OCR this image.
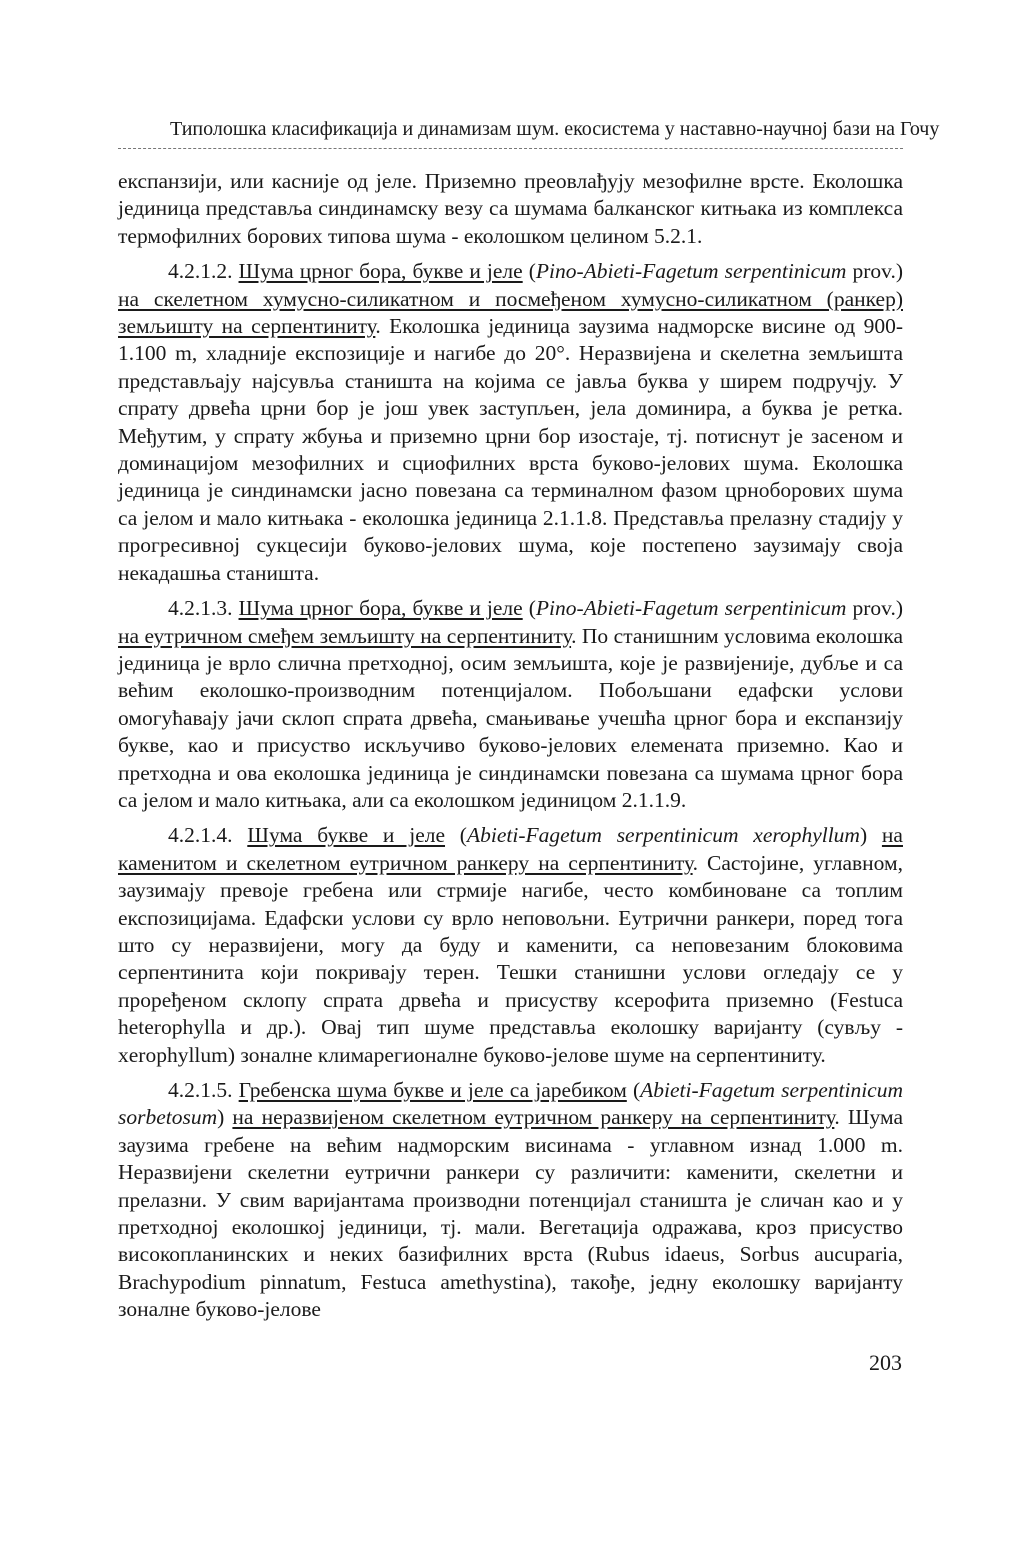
Типолошка класификација и динамизам шум. екосистема у наставно-научној бази на Гочу

експанзији, или касније од јеле. Приземно преовлађују мезофилне врсте. Еколошка јединица представља синдинамску везу са шумама балканског китњака из комплекса термофилних борових типова шума - еколошком целином 5.2.1.

4.2.1.2. Шума црног бора, букве и јеле (Pino-Abieti-Fagetum serpentinicum prov.) на скелетном хумусно-силикатном и посмеђеном хумусно-силикатном (ранкер) земљишту на серпентиниту. Еколошка јединица заузима надморске висине од 900-1.100 m, хладније експозиције и нагибе до 20°. Неразвијена и скелетна земљишта представљају најсувља станишта на којима се јавља буква у ширем подручју. У спрату дрвећа црни бор је још увек заступљен, јела доминира, а буква је ретка. Међутим, у спрату жбуња и приземно црни бор изостаје, тј. потиснут је засеном и доминацијом мезофилних и сциофилних врста буково-јелових шума. Еколошка јединица је синдинамски јасно повезана са терминалном фазом црноборових шума са јелом и мало китњака - еколошка јединица 2.1.1.8. Представља прелазну стадију у прогресивној сукцесији буково-јелових шума, које постепено заузимају своја некадашња станишта.

4.2.1.3. Шума црног бора, букве и јеле (Pino-Abieti-Fagetum serpentinicum prov.) на еутричном смеђем земљишту на серпентиниту. По станишним условима еколошка јединица је врло слична претходној, осим земљишта, које је развијеније, дубље и са већим еколошко-производним потенцијалом. Побољшани едафски услови омогућавају јачи склоп спрата дрвећа, смањивање учешћа црног бора и експанзију букве, као и присуство искључиво буково-јелових елемената приземно. Као и претходна и ова еколошка јединица је синдинамски повезана са шумама црног бора са јелом и мало китњака, али са еколошком јединицом 2.1.1.9.

4.2.1.4. Шума букве и јеле (Abieti-Fagetum serpentinicum xerophyllum) на каменитом и скелетном еутричном ранкеру на серпентиниту. Састојине, углавном, заузимају превоје гребена или стрмије нагибе, често комбиноване са топлим експозицијама. Едафски услови су врло неповољни. Еутрични ранкери, поред тога што су неразвијени, могу да буду и каменити, са неповезаним блоковима серпентинита који покривају терен. Тешки станишни услови огледају се у проређеном склопу спрата дрвећа и присуству ксерофита приземно (Festuca heterophylla и др.). Овај тип шуме представља еколошку варијанту (сувљу - xerophyllum) зоналне климарегионалне буково-јелове шуме на серпентиниту.

4.2.1.5. Гребенска шума букве и јеле са јаребиком (Abieti-Fagetum serpentinicum sorbetosum) на неразвијеном скелетном еутричном ранкеру на серпентиниту. Шума заузима гребене на већим надморским висинама - углавном изнад 1.000 m. Неразвијени скелетни еутрични ранкери су различити: каменити, скелетни и прелазни. У свим варијантама производни потенцијал станишта је сличан као и у претходној еколошкој јединици, тј. мали. Вегетација одражава, кроз присуство високопланинских и неких базифилних врста (Rubus idaeus, Sorbus aucuparia, Brachypodium pinnatum, Festuca amethystina), такође, једну еколошку варијанту зоналне буково-јелове

203
